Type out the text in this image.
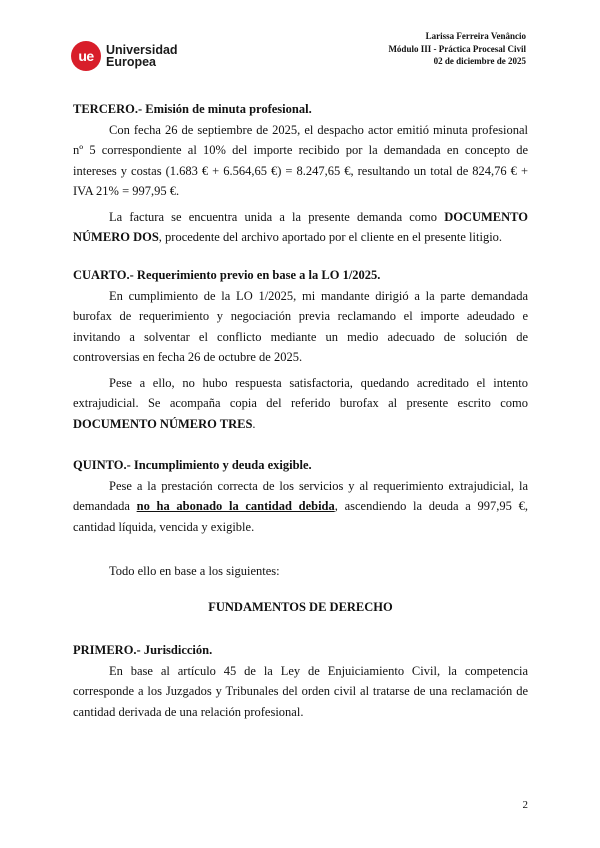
ue Universidad
Europea
Larissa Ferreira Venâncio
Módulo III - Práctica Procesal Civil
02 de diciembre de 2025
TERCERO.- Emisión de minuta profesional.

Con fecha 26 de septiembre de 2025, el despacho actor emitió minuta profesional nº 5 correspondiente al 10% del importe recibido por la demandada en concepto de intereses y costas (1.683 € + 6.564,65 €) = 8.247,65 €, resultando un total de 824,76 € + IVA 21% = 997,95 €.

La factura se encuentra unida a la presente demanda como DOCUMENTO NÚMERO DOS, procedente del archivo aportado por el cliente en el presente litigio.

CUARTO.- Requerimiento previo en base a la LO 1/2025.

En cumplimiento de la LO 1/2025, mi mandante dirigió a la parte demandada burofax de requerimiento y negociación previa reclamando el importe adeudado e invitando a solventar el conflicto mediante un medio adecuado de solución de controversias en fecha 26 de octubre de 2025.

Pese a ello, no hubo respuesta satisfactoria, quedando acreditado el intento extrajudicial. Se acompaña copia del referido burofax al presente escrito como DOCUMENTO NÚMERO TRES.

QUINTO.- Incumplimiento y deuda exigible.

Pese a la prestación correcta de los servicios y al requerimiento extrajudicial, la demandada no ha abonado la cantidad debida, ascendiendo la deuda a 997,95 €, cantidad líquida, vencida y exigible.

Todo ello en base a los siguientes:

FUNDAMENTOS DE DERECHO
PRIMERO.- Jurisdicción.

En base al artículo 45 de la Ley de Enjuiciamiento Civil, la competencia corresponde a los Juzgados y Tribunales del orden civil al tratarse de una reclamación de cantidad derivada de una relación profesional.

2
